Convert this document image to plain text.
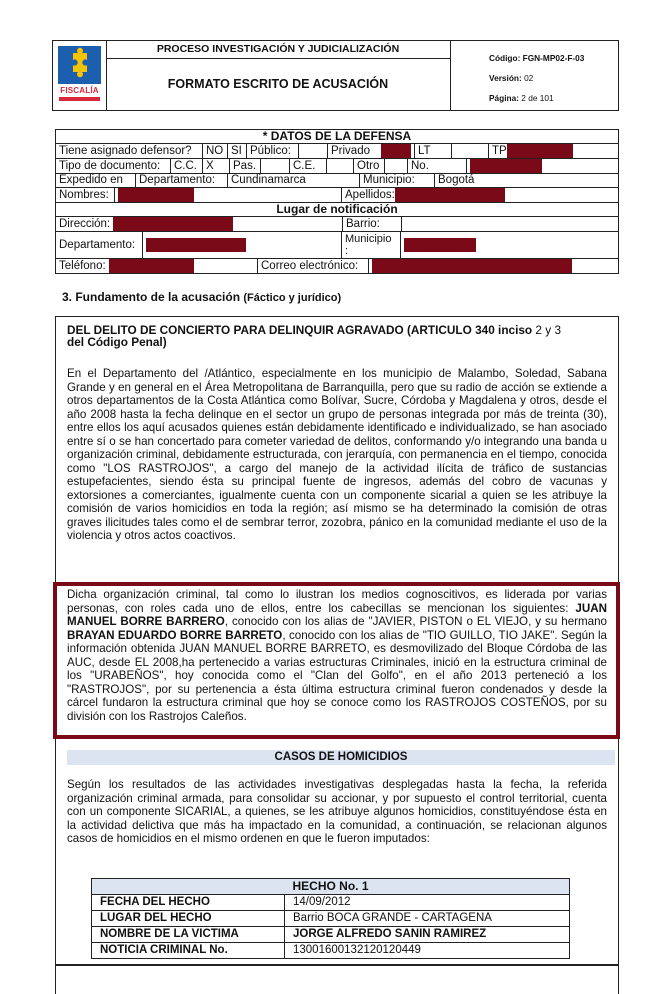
FISCALÍA
PROCESO INVESTIGACIÓN Y JUDICIALIZACIÓN
FORMATO ESCRITO DE ACUSACIÓN
Código: FGN-MP02-F-03
Versión: 02
Página: 2 de 101
* DATOS DE LA DEFENSA

Tiene asignado defensor?	NO	SI	Público:		Privado		LT		TP

Tipo de documento:	C.C.	X	Pas.		C.E.		Otro		No.	

Expedido en	Departamento:	Cundinamarca	Municipio:	Bogotá

Nombres:		Apellidos:

Lugar de notificación

Dirección:	Barrio:	

Departamento:		Municipio :	

Teléfono:	Correo electrónico:	
3. Fundamento de la acusación (Fáctico y jurídico)
DEL DELITO DE CONCIERTO PARA DELINQUIR AGRAVADO (ARTICULO 340 inciso 2 y 3
del Código Penal)
En el Departamento del /Atlántico, especialmente en los municipio de Malambo, Soledad, Sabana Grande y en general en el Área Metropolitana de Barranquilla, pero que su radio de acción se extiende a otros departamentos de la Costa Atlántica como Bolívar, Sucre, Córdoba y Magdalena y otros, desde el año 2008 hasta la fecha delinque en el sector un grupo de personas integrada por más de treinta (30), entre ellos los aquí acusados quienes están debidamente identificado e individualizado, se han asociado entre sí o se han concertado para cometer variedad de delitos, conformando y/o integrando una banda u organización criminal, debidamente estructurada, con jerarquía, con permanencia en el tiempo, conocida como "LOS RASTROJOS", a cargo del manejo de la actividad ilícita de tráfico de sustancias estupefacientes, siendo ésta su principal fuente de ingresos, además del cobro de vacunas y extorsiones a comerciantes, igualmente cuenta con un componente sicarial a quien se les atribuye la comisión de varios homicidios en toda la región; así mismo se ha determinado la comisión de otras graves ilicitudes tales como el de sembrar terror, zozobra, pánico en la comunidad mediante el uso de la violencia y otros actos coactivos.
Dicha organización criminal, tal como lo ilustran los medios cognoscitivos, es liderada por varias personas, con roles cada uno de ellos, entre los cabecillas se mencionan los siguientes: JUAN MANUEL BORRE BARRERO, conocido con los alias de "JAVIER, PISTON o EL VIEJO, y su hermano BRAYAN EDUARDO BORRE BARRETO, conocido con los alias de "TIO GUILLO, TIO JAKE". Según la información obtenida JUAN MANUEL BORRE BARRETO, es desmovilizado del Bloque Córdoba de las AUC, desde EL 2008,ha pertenecido a varias estructuras Criminales, inició en la estructura criminal de los "URABEÑOS", hoy conocida como el "Clan del Golfo", en el año 2013 perteneció a los "RASTROJOS", por su pertenencia a ésta última estructura criminal fueron condenados y desde la cárcel fundaron la estructura criminal que hoy se conoce como los RASTROJOS COSTEÑOS, por su división con los Rastrojos Caleños.
CASOS DE HOMICIDIOS
Según los resultados de las actividades investigativas desplegadas hasta la fecha, la referida organización criminal armada, para consolidar su accionar, y por supuesto el control territorial, cuenta con un componente SICARIAL, a quienes, se les atribuye algunos homicidios, constituyéndose ésta en la actividad delictiva que más ha impactado en la comunidad, a continuación, se relacionan algunos casos de homicidios en el mismo ordenen en que le fueron imputados:
HECHO No. 1	
FECHA DEL HECHO	14/09/2012
LUGAR DEL HECHO	Barrio BOCA GRANDE - CARTAGENA
NOMBRE DE LA VICTIMA	JORGE ALFREDO SANIN RAMIREZ
NOTICIA CRIMINAL No.	13001600132120120449
